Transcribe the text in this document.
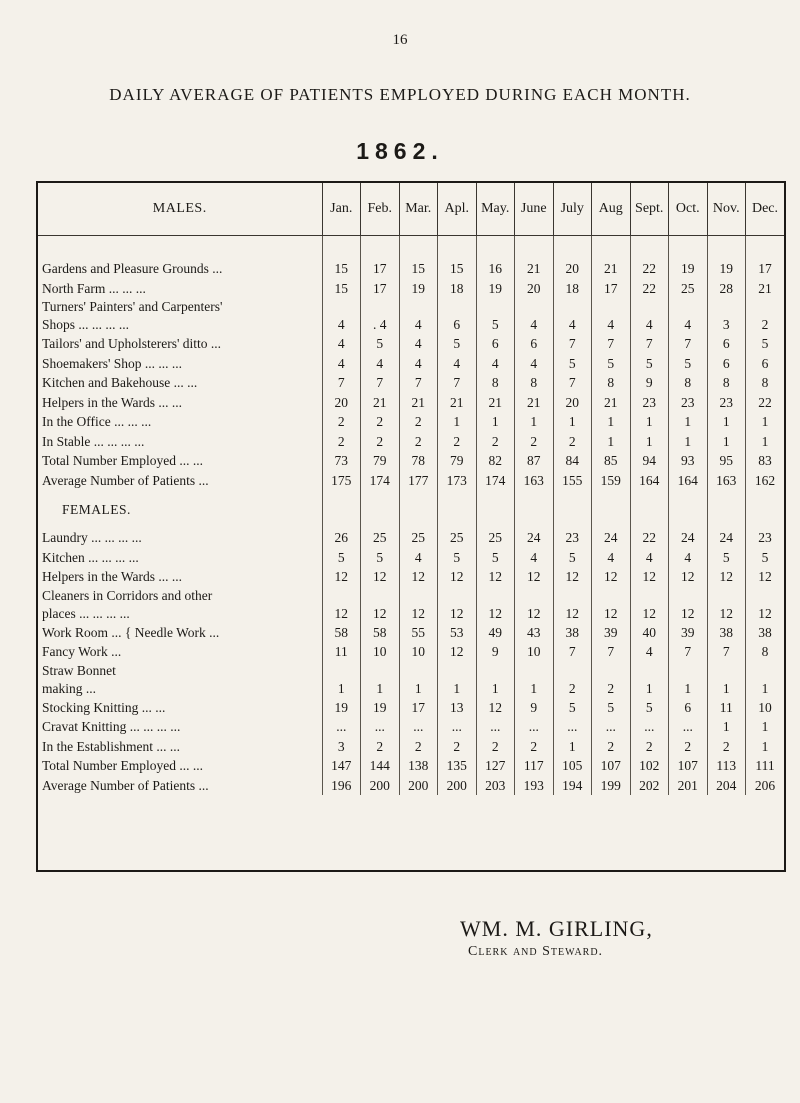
16
DAILY AVERAGE OF PATIENTS EMPLOYED DURING EACH MONTH.
1862.
MALES.	Jan.	Feb.	Mar.	Apl.	May.	June	July	Aug	Sept.	Oct.	Nov.	Dec.

Gardens and Pleasure Grounds ...	15	17	15	15	16	21	20	21	22	19	19	17
North Farm ... ... ...	15	17	19	18	19	20	18	17	22	25	28	21
Turners' Painters' and Carpenters'
Shops ... ... ... ...	4	. 4	4	6	5	4	4	4	4	4	3	2
Tailors' and Upholsterers' ditto ...	4	5	4	5	6	6	7	7	7	7	6	5
Shoemakers' Shop ... ... ...	4	4	4	4	4	4	5	5	5	5	6	6
Kitchen and Bakehouse ... ...	7	7	7	7	8	8	7	8	9	8	8	8
Helpers in the Wards ... ...	20	21	21	21	21	21	20	21	23	23	23	22
In the Office ... ... ...	2	2	2	1	1	1	1	1	1	1	1	1
In Stable ... ... ... ...	2	2	2	2	2	2	2	1	1	1	1	1
Total Number Employed ... ...	73	79	78	79	82	87	84	85	94	93	95	83
Average Number of Patients ...	175	174	177	173	174	163	155	159	164	164	163	162
FEMALES.												
Laundry ... ... ... ...	26	25	25	25	25	24	23	24	22	24	24	23
Kitchen ... ... ... ...	5	5	4	5	5	4	5	4	4	4	5	5
Helpers in the Wards ... ...	12	12	12	12	12	12	12	12	12	12	12	12
Cleaners in Corridors and other
places ... ... ... ...	12	12	12	12	12	12	12	12	12	12	12	12
Work Room ... { Needle Work ...	58	58	55	53	49	43	38	39	40	39	38	38
Fancy Work ...	11	10	10	12	9	10	7	7	4	7	7	8
Straw Bonnet
making ...	1	1	1	1	1	1	2	2	1	1	1	1
Stocking Knitting ... ...	19	19	17	13	12	9	5	5	5	6	11	10
Cravat Knitting ... ... ... ...	...	...	...	...	...	...	...	...	...	...	1	1
In the Establishment ... ...	3	2	2	2	2	2	1	2	2	2	2	1
Total Number Employed ... ...	147	144	138	135	127	117	105	107	102	107	113	111
Average Number of Patients ...	196	200	200	200	203	193	194	199	202	201	204	206
WM. M. GIRLING,
Clerk and Steward.
